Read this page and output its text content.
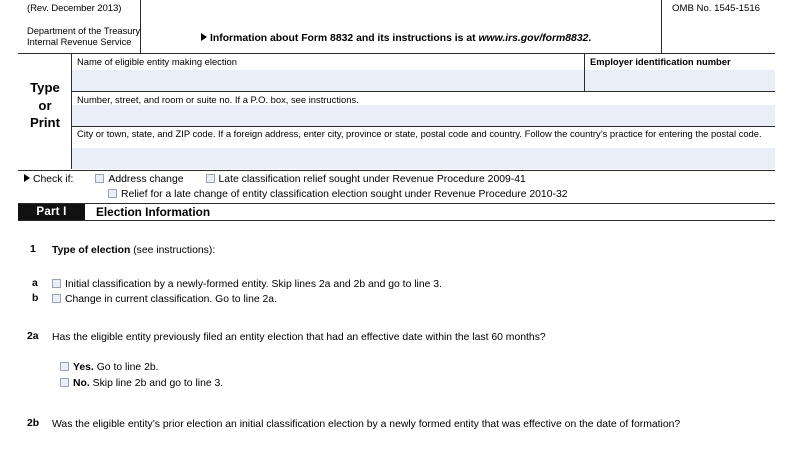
(Rev. December 2013)
Department of the Treasury
Internal Revenue Service	Information about Form 8832 and its instructions is at www.irs.gov/form8832.
OMB No. 1545-1516
Type
or
Print
Name of eligible entity making election	Employer identification number
Number, street, and room or suite no. If a P.O. box, see instructions.
City or town, state, and ZIP code. If a foreign address, enter city, province or state, postal code and country. Follow the country’s practice for entering the postal code.
Check if:	Address change	Late classification relief sought under Revenue Procedure 2009-41
Relief for a late change of entity classification election sought under Revenue Procedure 2010-32
Part I	Election Information
1 Type of election (see instructions):
a	Initial classification by a newly-formed entity. Skip lines 2a and 2b and go to line 3.
b	Change in current classification. Go to line 2a.
2a Has the eligible entity previously filed an entity election that had an effective date within the last 60 months?
Yes. Go to line 2b.
No. Skip line 2b and go to line 3.
2b Was the eligible entity’s prior election an initial classification election by a newly formed entity that was effective on the date of formation?
